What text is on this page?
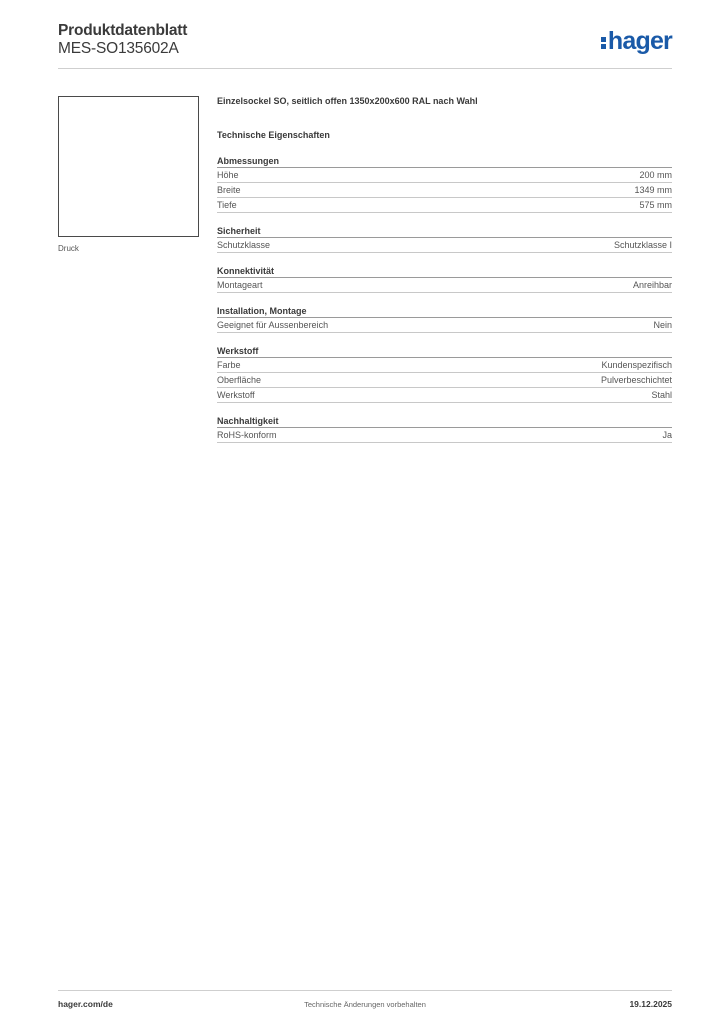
Produktdatenblatt
MES-SO135602A	hager
Druck
Einzelsockel SO, seitlich offen 1350x200x600 RAL nach Wahl
Technische Eigenschaften
Abmessungen
Höhe	200 mm
Breite	1349 mm
Tiefe	575 mm
Sicherheit
Schutzklasse	Schutzklasse I
Konnektivität
Montageart	Anreihbar
Installation, Montage
Geeignet für Aussenbereich	Nein
Werkstoff
Farbe	Kundenspezifisch
Oberfläche	Pulverbeschichtet
Werkstoff	Stahl
Nachhaltigkeit
RoHS-konform	Ja
hager.com/de	Technische Änderungen vorbehalten	19.12.2025
